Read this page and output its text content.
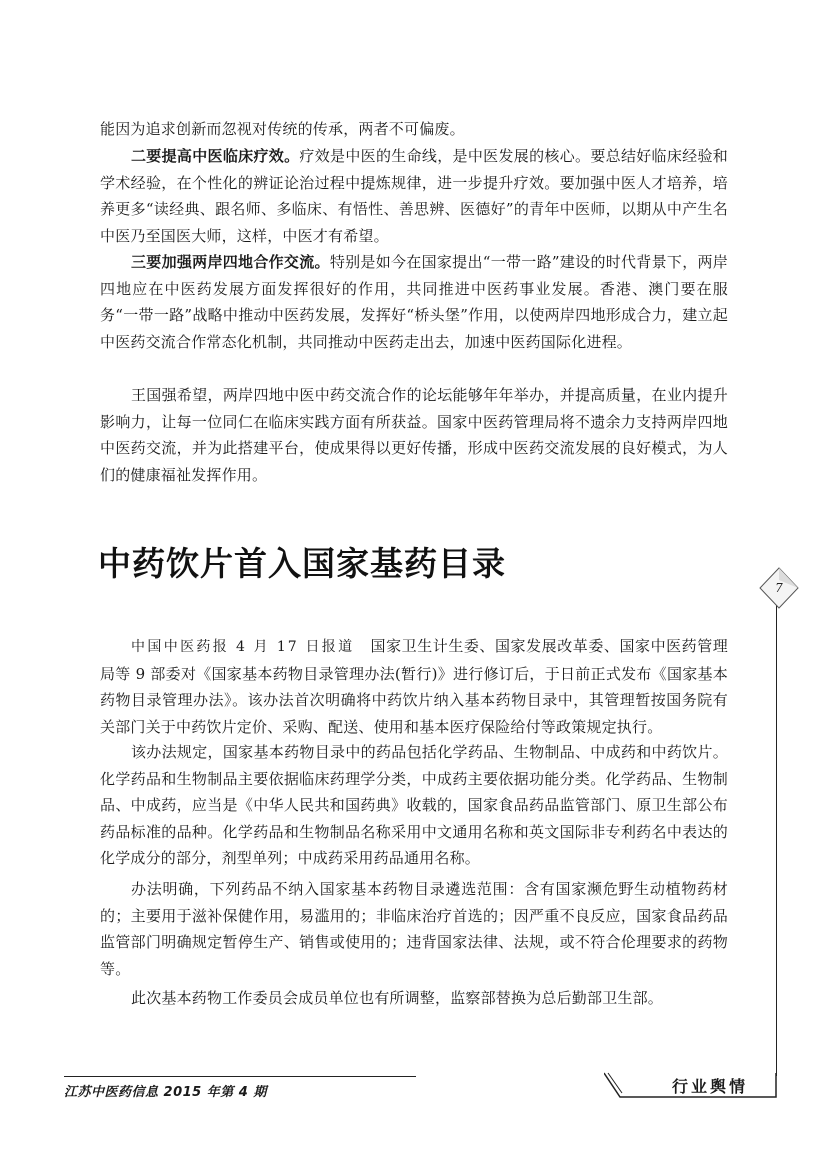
能因为追求创新而忽视对传统的传承，两者不可偏废。

二要提高中医临床疗效。疗效是中医的生命线，是中医发展的核心。要总结好临床经验和学术经验，在个性化的辨证论治过程中提炼规律，进一步提升疗效。要加强中医人才培养，培养更多“读经典、跟名师、多临床、有悟性、善思辨、医德好”的青年中医师，以期从中产生名中医乃至国医大师，这样，中医才有希望。

三要加强两岸四地合作交流。特别是如今在国家提出“一带一路”建设的时代背景下，两岸四地应在中医药发展方面发挥很好的作用，共同推进中医药事业发展。香港、澳门要在服务“一带一路”战略中推动中医药发展，发挥好“桥头堡”作用，以使两岸四地形成合力，建立起中医药交流合作常态化机制，共同推动中医药走出去，加速中医药国际化进程。

王国强希望，两岸四地中医中药交流合作的论坛能够年年举办，并提高质量，在业内提升影响力，让每一位同仁在临床实践方面有所获益。国家中医药管理局将不遗余力支持两岸四地中医药交流，并为此搭建平台，使成果得以更好传播，形成中医药交流发展的良好模式，为人们的健康福祉发挥作用。

中药饮片首入国家基药目录
7

中国中医药报 4 月 17 日报道 国家卫生计生委、国家发展改革委、国家中医药管理局等 9 部委对《国家基本药物目录管理办法(暂行)》进行修订后，于日前正式发布《国家基本药物目录管理办法》。该办法首次明确将中药饮片纳入基本药物目录中，其管理暂按国务院有关部门关于中药饮片定价、采购、配送、使用和基本医疗保险给付等政策规定执行。

该办法规定，国家基本药物目录中的药品包括化学药品、生物制品、中成药和中药饮片。化学药品和生物制品主要依据临床药理学分类，中成药主要依据功能分类。化学药品、生物制品、中成药，应当是《中华人民共和国药典》收载的，国家食品药品监管部门、原卫生部公布药品标准的品种。化学药品和生物制品名称采用中文通用名称和英文国际非专利药名中表达的化学成分的部分，剂型单列；中成药采用药品通用名称。

办法明确，下列药品不纳入国家基本药物目录遴选范围：含有国家濒危野生动植物药材的；主要用于滋补保健作用，易滥用的；非临床治疗首选的；因严重不良反应，国家食品药品监管部门明确规定暂停生产、销售或使用的；违背国家法律、法规，或不符合伦理要求的药物等。

此次基本药物工作委员会成员单位也有所调整，监察部替换为总后勤部卫生部。

江苏中医药信息 2015 年第 4 期	行业舆情
